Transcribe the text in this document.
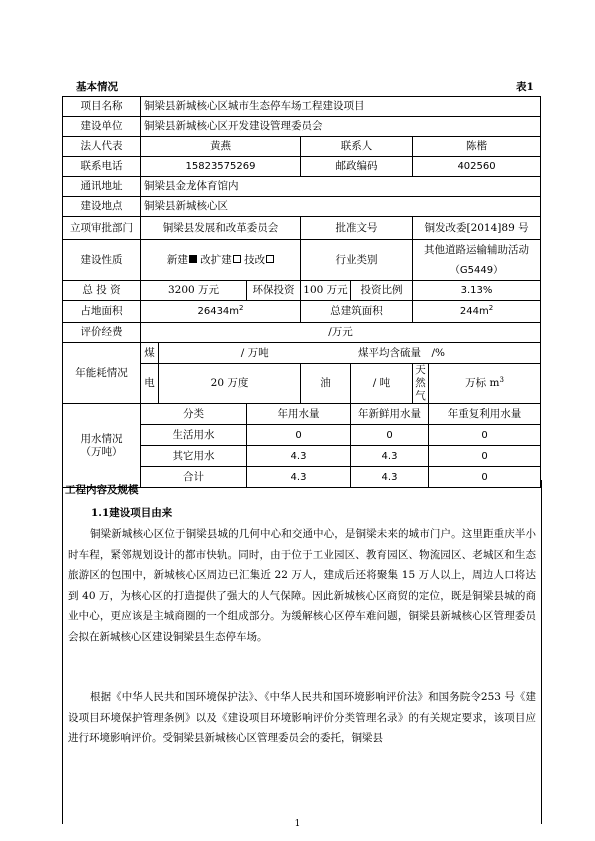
基本情况	表1
项目名称	铜梁县新城核心区城市生态停车场工程建设项目						
建设单位	铜梁县新城核心区开发建设管理委员会						
法人代表	黄燕			联系人		陈楷	
联系电话	15823575269			邮政编码		402560	
通讯地址	铜梁县金龙体育馆内						
建设地点	铜梁县新城核心区						
立项审批部门	铜梁县发展和改革委员会			批准文号		铜发改委[2014]89 号	
建设性质	新建 改扩建 技改			行业类别		其他道路运输辅助活动
（G5449）	

总 投 资	3200 万元		环保投资	100 万元	投资比例	3.13%	
占地面积	$26434m^2$			总建筑面积		$244m^2$
评价经费	/万元						
年能耗情况	煤	/ 万吨			煤平均含硫量		/%
	电	20 万度		油	/ 吨	天然气	万标 $m^3$

用水情况
（万吨）	分类		年用水量		年新鲜用水量		年重复利用水量
	生活用水		0		0		0
	其它用水		4.3		4.3		0
	合计		4.3		4.3		0
工程内容及规模
1.1建设项目由来
铜梁新城核心区位于铜梁县城的几何中心和交通中心，是铜梁未来的城市门户。这里距重庆半小时车程，紧邻规划设计的都市快轨。同时，由于位于工业园区、教育园区、物流园区、老城区和生态旅游区的包围中，新城核心区周边已汇集近 22 万人，建成后还将聚集 15 万人以上，周边人口将达到 40 万，为核心区的打造提供了强大的人气保障。因此新城核心区商贸的定位，既是铜梁县城的商业中心，更应该是主城商圈的一个组成部分。为缓解核心区停车难问题，铜梁县新城核心区管理委员会拟在新城核心区建设铜梁县生态停车场。
根据《中华人民共和国环境保护法》、《中华人民共和国环境影响评价法》和国务院令253 号《建设项目环境保护管理条例》以及《建设项目环境影响评价分类管理名录》的有关规定要求，该项目应进行环境影响评价。受铜梁县新城核心区管理委员会的委托，铜梁县
1
